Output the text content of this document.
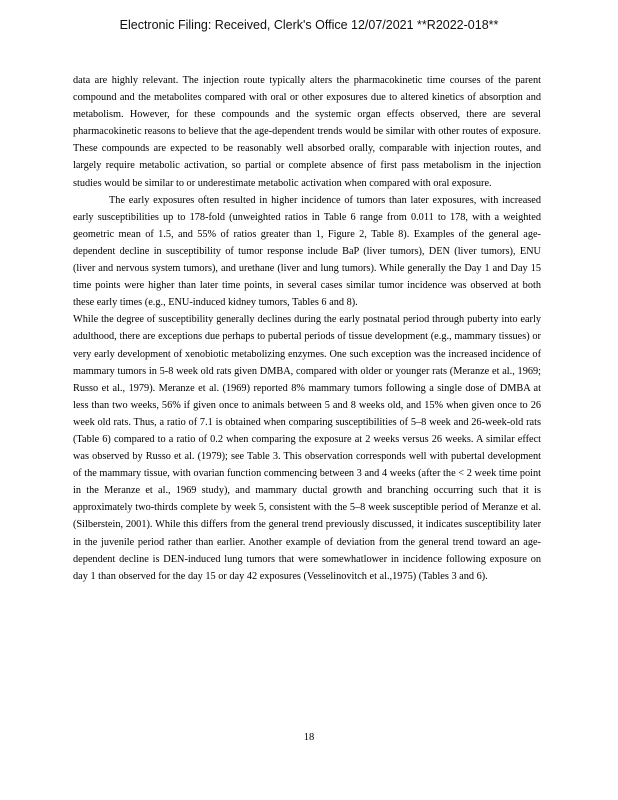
Electronic Filing: Received, Clerk's Office 12/07/2021 **R2022-018**

data are highly relevant. The injection route typically alters the pharmacokinetic time courses of the parent compound and the metabolites compared with oral or other exposures due to altered kinetics of absorption and metabolism. However, for these compounds and the systemic organ effects observed, there are several pharmacokinetic reasons to believe that the age-dependent trends would be similar with other routes of exposure. These compounds are expected to be reasonably well absorbed orally, comparable with injection routes, and largely require metabolic activation, so partial or complete absence of first pass metabolism in the injection studies would be similar to or underestimate metabolic activation when compared with oral exposure.

The early exposures often resulted in higher incidence of tumors than later exposures, with increased early susceptibilities up to 178-fold (unweighted ratios in Table 6 range from 0.011 to 178, with a weighted geometric mean of 1.5, and 55% of ratios greater than 1, Figure 2, Table 8). Examples of the general age-dependent decline in susceptibility of tumor response include BaP (liver tumors), DEN (liver tumors), ENU (liver and nervous system tumors), and urethane (liver and lung tumors). While generally the Day 1 and Day 15 time points were higher than later time points, in several cases similar tumor incidence was observed at both these early times (e.g., ENU-induced kidney tumors, Tables 6 and 8).

While the degree of susceptibility generally declines during the early postnatal period through puberty into early adulthood, there are exceptions due perhaps to pubertal periods of tissue development (e.g., mammary tissues) or very early development of xenobiotic metabolizing enzymes. One such exception was the increased incidence of mammary tumors in 5-8 week old rats given DMBA, compared with older or younger rats (Meranze et al., 1969; Russo et al., 1979). Meranze et al. (1969) reported 8% mammary tumors following a single dose of DMBA at less than two weeks, 56% if given once to animals between 5 and 8 weeks old, and 15% when given once to 26 week old rats. Thus, a ratio of 7.1 is obtained when comparing susceptibilities of 5–8 week and 26-week-old rats (Table 6) compared to a ratio of 0.2 when comparing the exposure at 2 weeks versus 26 weeks. A similar effect was observed by Russo et al. (1979); see Table 3. This observation corresponds well with pubertal development of the mammary tissue, with ovarian function commencing between 3 and 4 weeks (after the < 2 week time point in the Meranze et al., 1969 study), and mammary ductal growth and branching occurring such that it is approximately two-thirds complete by week 5, consistent with the 5–8 week susceptible period of Meranze et al. (Silberstein, 2001). While this differs from the general trend previously discussed, it indicates susceptibility later in the juvenile period rather than earlier. Another example of deviation from the general trend toward an age-dependent decline is DEN-induced lung tumors that were somewhatlower in incidence following exposure on day 1 than observed for the day 15 or day 42 exposures (Vesselinovitch et al.,1975) (Tables 3 and 6).

18
